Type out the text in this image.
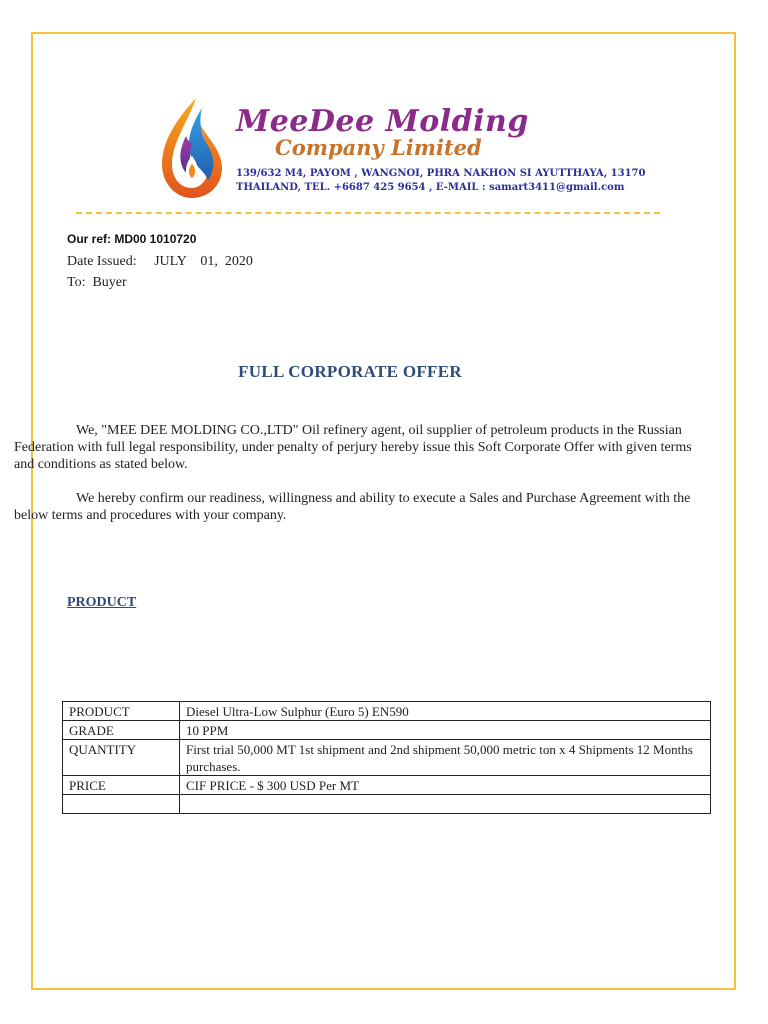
MeeDee Molding
Company Limited
139/632 M4, PAYOM , WANGNOI, PHRA NAKHON SI AYUTTHAYA, 13170
THAILAND, TEL. +6687 425 9654 , E-MAIL : samart3411@gmail.com
Our ref: MD00 1010720
Date Issued:     JULY    01,  2020
To:  Buyer
FULL CORPORATE OFFER
We, "MEE DEE MOLDING CO.,LTD" Oil refinery agent, oil supplier of petroleum products in the Russian Federation with full legal responsibility, under penalty of perjury hereby issue this Soft Corporate Offer with given terms and conditions as stated below.
We hereby confirm our readiness, willingness and ability to execute a Sales and Purchase Agreement with the below terms and procedures with your company.
PRODUCT
PRODUCT	Diesel Ultra-Low Sulphur (Euro 5) EN590
GRADE	10 PPM
QUANTITY	First trial 50,000 MT 1st shipment and 2nd shipment 50,000 metric ton x 4 Shipments 12 Months purchases.
PRICE	CIF PRICE - $ 300 USD Per MT
